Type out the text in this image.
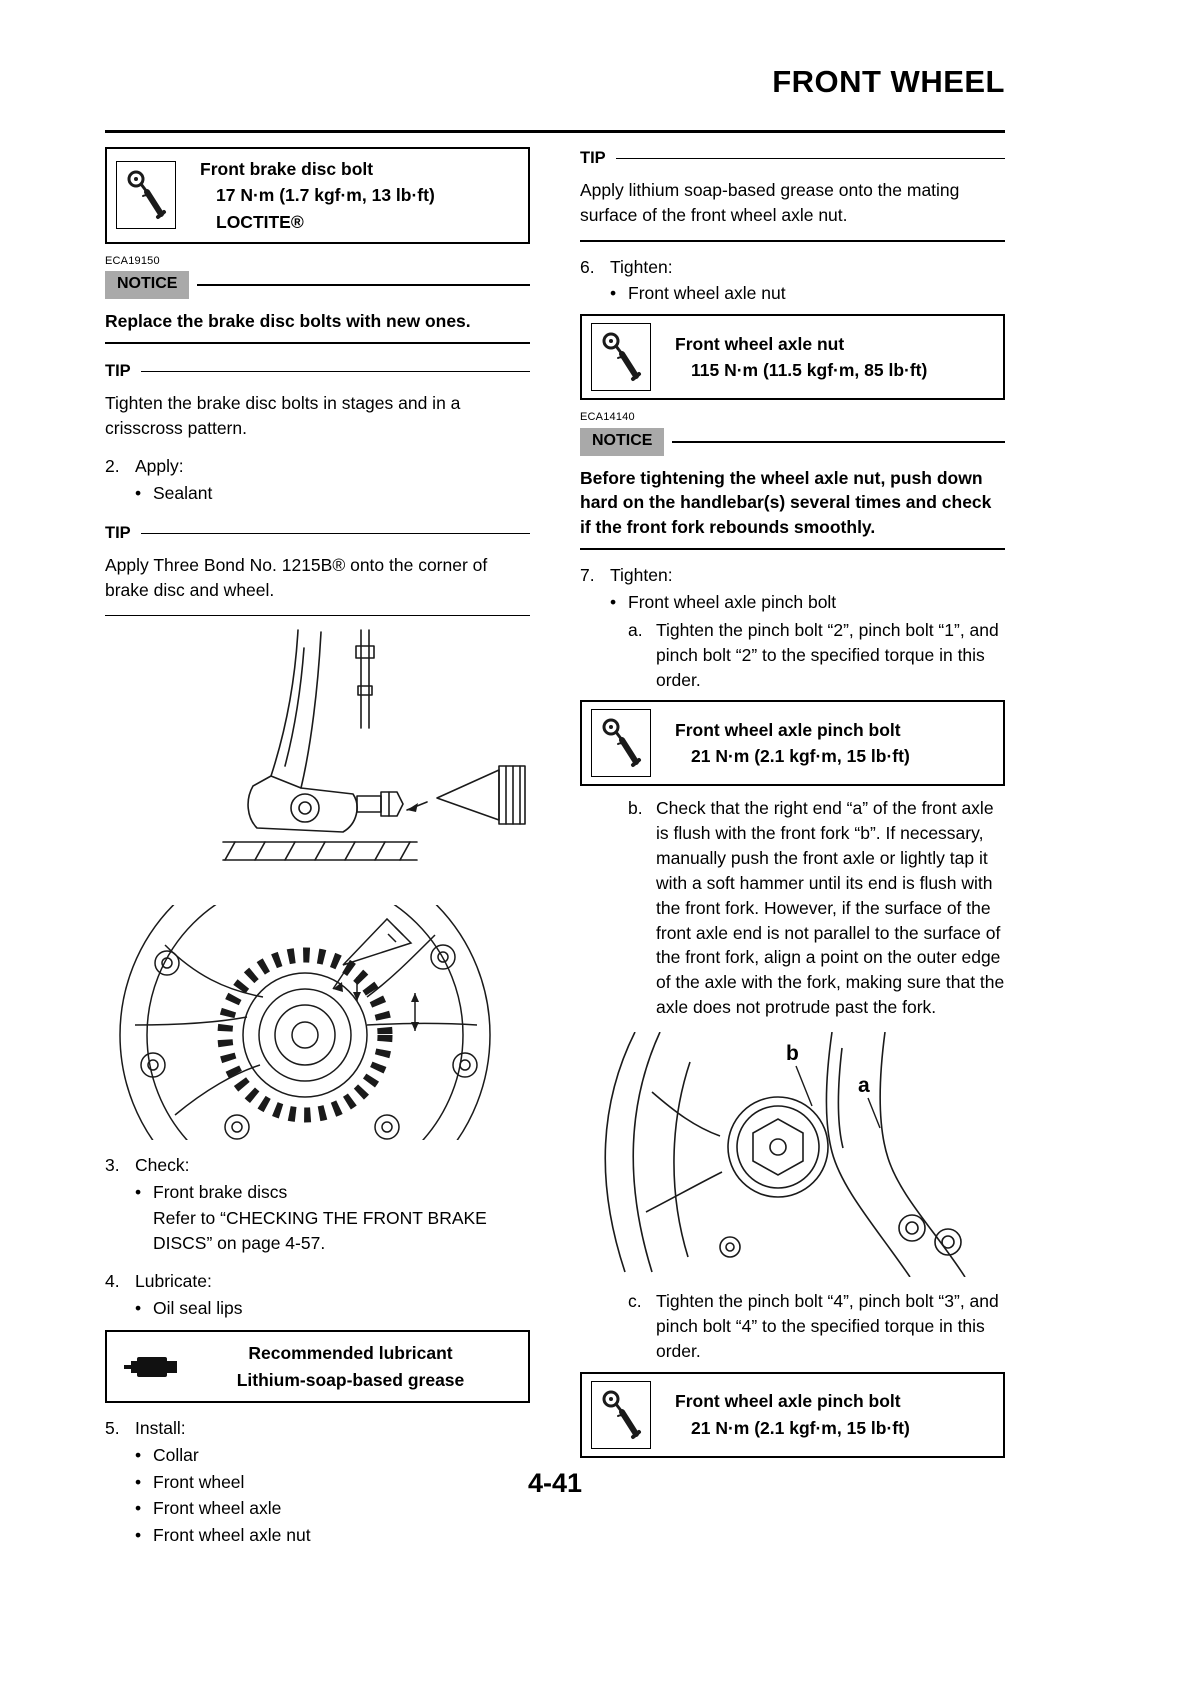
FRONT WHEEL
Front brake disc bolt
17 N·m (1.7 kgf·m, 13 lb·ft)
LOCTITE®
ECA19150
NOTICE
Replace the brake disc bolts with new ones.
TIP
Tighten the brake disc bolts in stages and in a crisscross pattern.
2. Apply:
• Sealant
TIP
Apply Three Bond No. 1215B® onto the corner of brake disc and wheel.
3. Check:
• Front brake discs
Refer to “CHECKING THE FRONT BRAKE DISCS” on page 4-57.
4. Lubricate:
• Oil seal lips
Recommended lubricant
Lithium-soap-based grease
5. Install:
• Collar
• Front wheel
• Front wheel axle
• Front wheel axle nut
TIP
Apply lithium soap-based grease onto the mating surface of the front wheel axle nut.
6. Tighten:
• Front wheel axle nut
Front wheel axle nut
115 N·m (11.5 kgf·m, 85 lb·ft)
ECA14140
NOTICE
Before tightening the wheel axle nut, push down hard on the handlebar(s) several times and check if the front fork rebounds smoothly.
7. Tighten:
• Front wheel axle pinch bolt
a. Tighten the pinch bolt “2”, pinch bolt “1”, and pinch bolt “2” to the specified torque in this order.
Front wheel axle pinch bolt
21 N·m (2.1 kgf·m, 15 lb·ft)
b. Check that the right end “a” of the front axle is flush with the front fork “b”. If necessary, manually push the front axle or lightly tap it with a soft hammer until its end is flush with the front fork. However, if the surface of the front axle end is not parallel to the surface of the front fork, align a point on the outer edge of the axle with the fork, making sure that the axle does not protrude past the fork.
b
a
c. Tighten the pinch bolt “4”, pinch bolt “3”, and pinch bolt “4” to the specified torque in this order.
Front wheel axle pinch bolt
21 N·m (2.1 kgf·m, 15 lb·ft)
4-41
